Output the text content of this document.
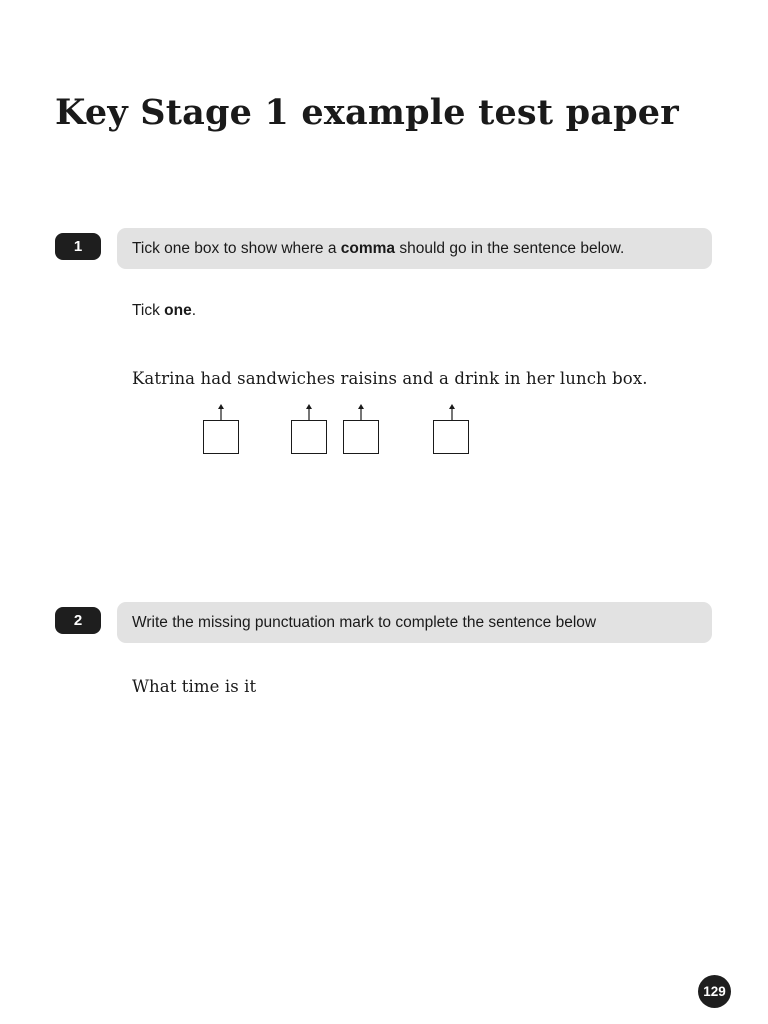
Key Stage 1 example test paper
1	Tick one box to show where a comma should go in the sentence below.
Tick one.
Katrina had sandwiches raisins and a drink in her lunch box.
2	Write the missing punctuation mark to complete the sentence below
What time is it
129
